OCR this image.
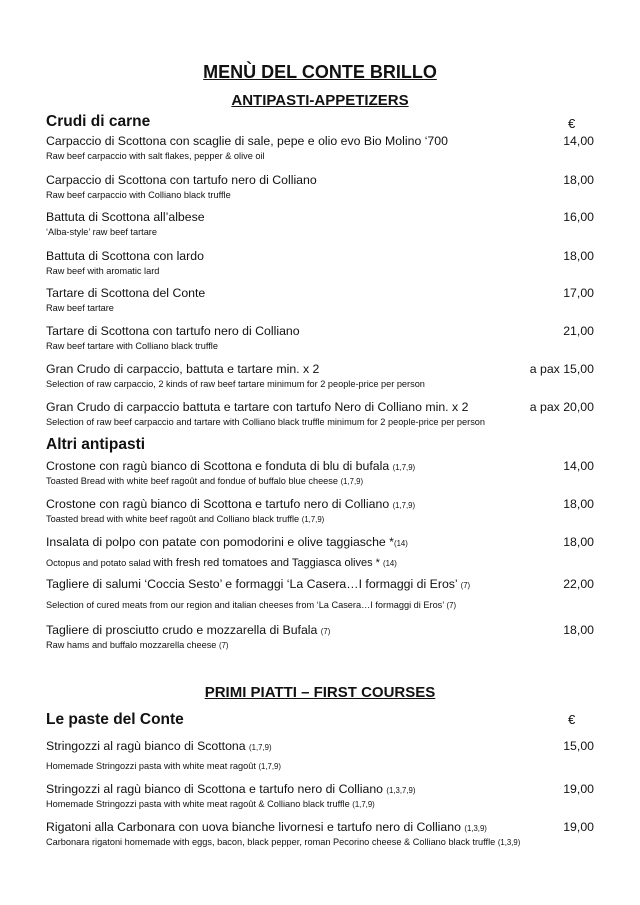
MENÙ DEL CONTE BRILLO
ANTIPASTI-APPETIZERS
PRIMI PIATTI – FIRST COURSES
€
€
Crudi di carne
Carpaccio di Scottona con scaglie di sale, pepe e olio evo Bio Molino ‘700
Raw beef carpaccio with salt flakes, pepper & olive oil
14,00
Carpaccio di Scottona con tartufo nero di Colliano
Raw beef carpaccio with Colliano black truffle
18,00
Battuta di Scottona all’albese
‘Alba-style’ raw beef tartare
16,00
Battuta di Scottona con lardo
Raw beef with aromatic lard
18,00
Tartare di Scottona del Conte
Raw beef tartare
17,00
Tartare di Scottona con tartufo nero di Colliano
Raw beef tartare with Colliano black truffle
21,00
Gran Crudo di carpaccio, battuta e tartare min. x 2
Selection of raw carpaccio, 2 kinds of raw beef tartare minimum for 2 people-price per person
a pax 15,00
Gran Crudo di carpaccio battuta e tartare con tartufo Nero di Colliano min. x 2
Selection of raw beef carpaccio and tartare with Colliano black truffle minimum for 2 people-price per person
a pax 20,00
Altri antipasti
Crostone con ragù bianco di Scottona e fonduta di blu di bufala (1,7,9)
Toasted Bread with white beef ragoût and fondue of buffalo blue cheese (1,7,9)
14,00
Crostone con ragù bianco di Scottona e tartufo nero di Colliano (1,7,9)
Toasted bread with white beef ragoût and Colliano black truffle (1,7,9)
18,00
Insalata di polpo con patate con pomodorini e olive taggiasche *(14)
Octopus and potato salad with fresh red tomatoes and Taggiasca olives * (14)
18,00
Tagliere di salumi ‘Coccia Sesto’ e formaggi ‘La Casera…I formaggi di Eros’ (7)
Selection of cured meats from our region and italian cheeses from ‘La Casera…I formaggi di Eros’ (7)
22,00
Tagliere di prosciutto crudo e mozzarella di Bufala (7)
Raw hams and buffalo mozzarella cheese (7)
18,00
Le paste del Conte
Stringozzi al ragù bianco di Scottona (1,7,9)
Homemade Stringozzi pasta with white meat ragoût (1,7,9)
15,00
Stringozzi al ragù bianco di Scottona e tartufo nero di Colliano (1,3,7,9)
Homemade Stringozzi pasta with white meat ragoût & Colliano black truffle (1,7,9)
19,00
Rigatoni alla Carbonara con uova bianche livornesi e tartufo nero di Colliano (1,3,9)
Carbonara rigatoni homemade with eggs, bacon, black pepper, roman Pecorino cheese & Colliano black truffle (1,3,9)
19,00
